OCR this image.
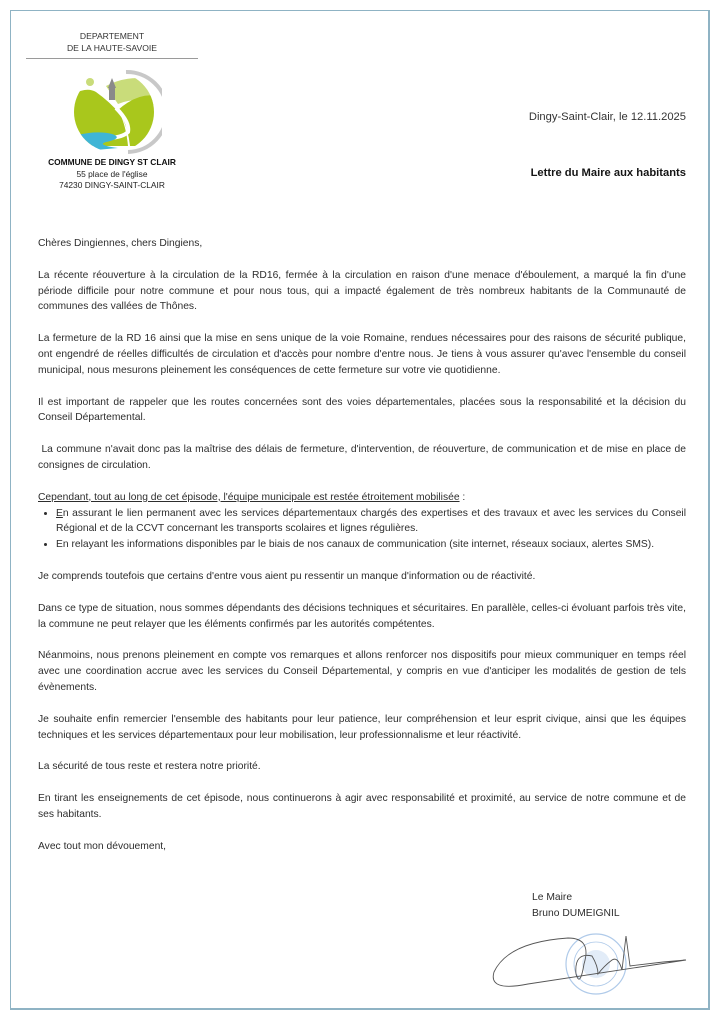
DEPARTEMENT
DE LA HAUTE-SAVOIE
COMMUNE DE DINGY ST CLAIR
55 place de l'église
74230 DINGY-SAINT-CLAIR
Dingy-Saint-Clair, le 12.11.2025
Lettre du Maire aux habitants

Chères Dingiennes, chers Dingiens,

La récente réouverture à la circulation de la RD16, fermée à la circulation en raison d'une menace d'éboulement, a marqué la fin d'une période difficile pour notre commune et pour nous tous, qui a impacté également de très nombreux habitants de la Communauté de communes des vallées de Thônes.

La fermeture de la RD 16 ainsi que la mise en sens unique de la voie Romaine, rendues nécessaires pour des raisons de sécurité publique, ont engendré de réelles difficultés de circulation et d'accès pour nombre d'entre nous. Je tiens à vous assurer qu'avec l'ensemble du conseil municipal, nous mesurons pleinement les conséquences de cette fermeture sur votre vie quotidienne.

Il est important de rappeler que les routes concernées sont des voies départementales, placées sous la responsabilité et la décision du Conseil Départemental.

La commune n'avait donc pas la maîtrise des délais de fermeture, d'intervention, de réouverture, de communication et de mise en place de consignes de circulation.

Cependant, tout au long de cet épisode, l'équipe municipale est restée étroitement mobilisée :

• En assurant le lien permanent avec les services départementaux chargés des expertises et des travaux et avec les services du Conseil Régional et de la CCVT concernant les transports scolaires et lignes régulières.
• En relayant les informations disponibles par le biais de nos canaux de communication (site internet, réseaux sociaux, alertes SMS).

Je comprends toutefois que certains d'entre vous aient pu ressentir un manque d'information ou de réactivité.

Dans ce type de situation, nous sommes dépendants des décisions techniques et sécuritaires. En parallèle, celles-ci évoluant parfois très vite, la commune ne peut relayer que les éléments confirmés par les autorités compétentes.

Néanmoins, nous prenons pleinement en compte vos remarques et allons renforcer nos dispositifs pour mieux communiquer en temps réel avec une coordination accrue avec les services du Conseil Départemental, y compris en vue d'anticiper les modalités de gestion de tels évènements.

Je souhaite enfin remercier l'ensemble des habitants pour leur patience, leur compréhension et leur esprit civique, ainsi que les équipes techniques et les services départementaux pour leur mobilisation, leur professionnalisme et leur réactivité.

La sécurité de tous reste et restera notre priorité.

En tirant les enseignements de cet épisode, nous continuerons à agir avec responsabilité et proximité, au service de notre commune et de ses habitants.

Avec tout mon dévouement,

Le Maire
Bruno DUMEIGNIL
